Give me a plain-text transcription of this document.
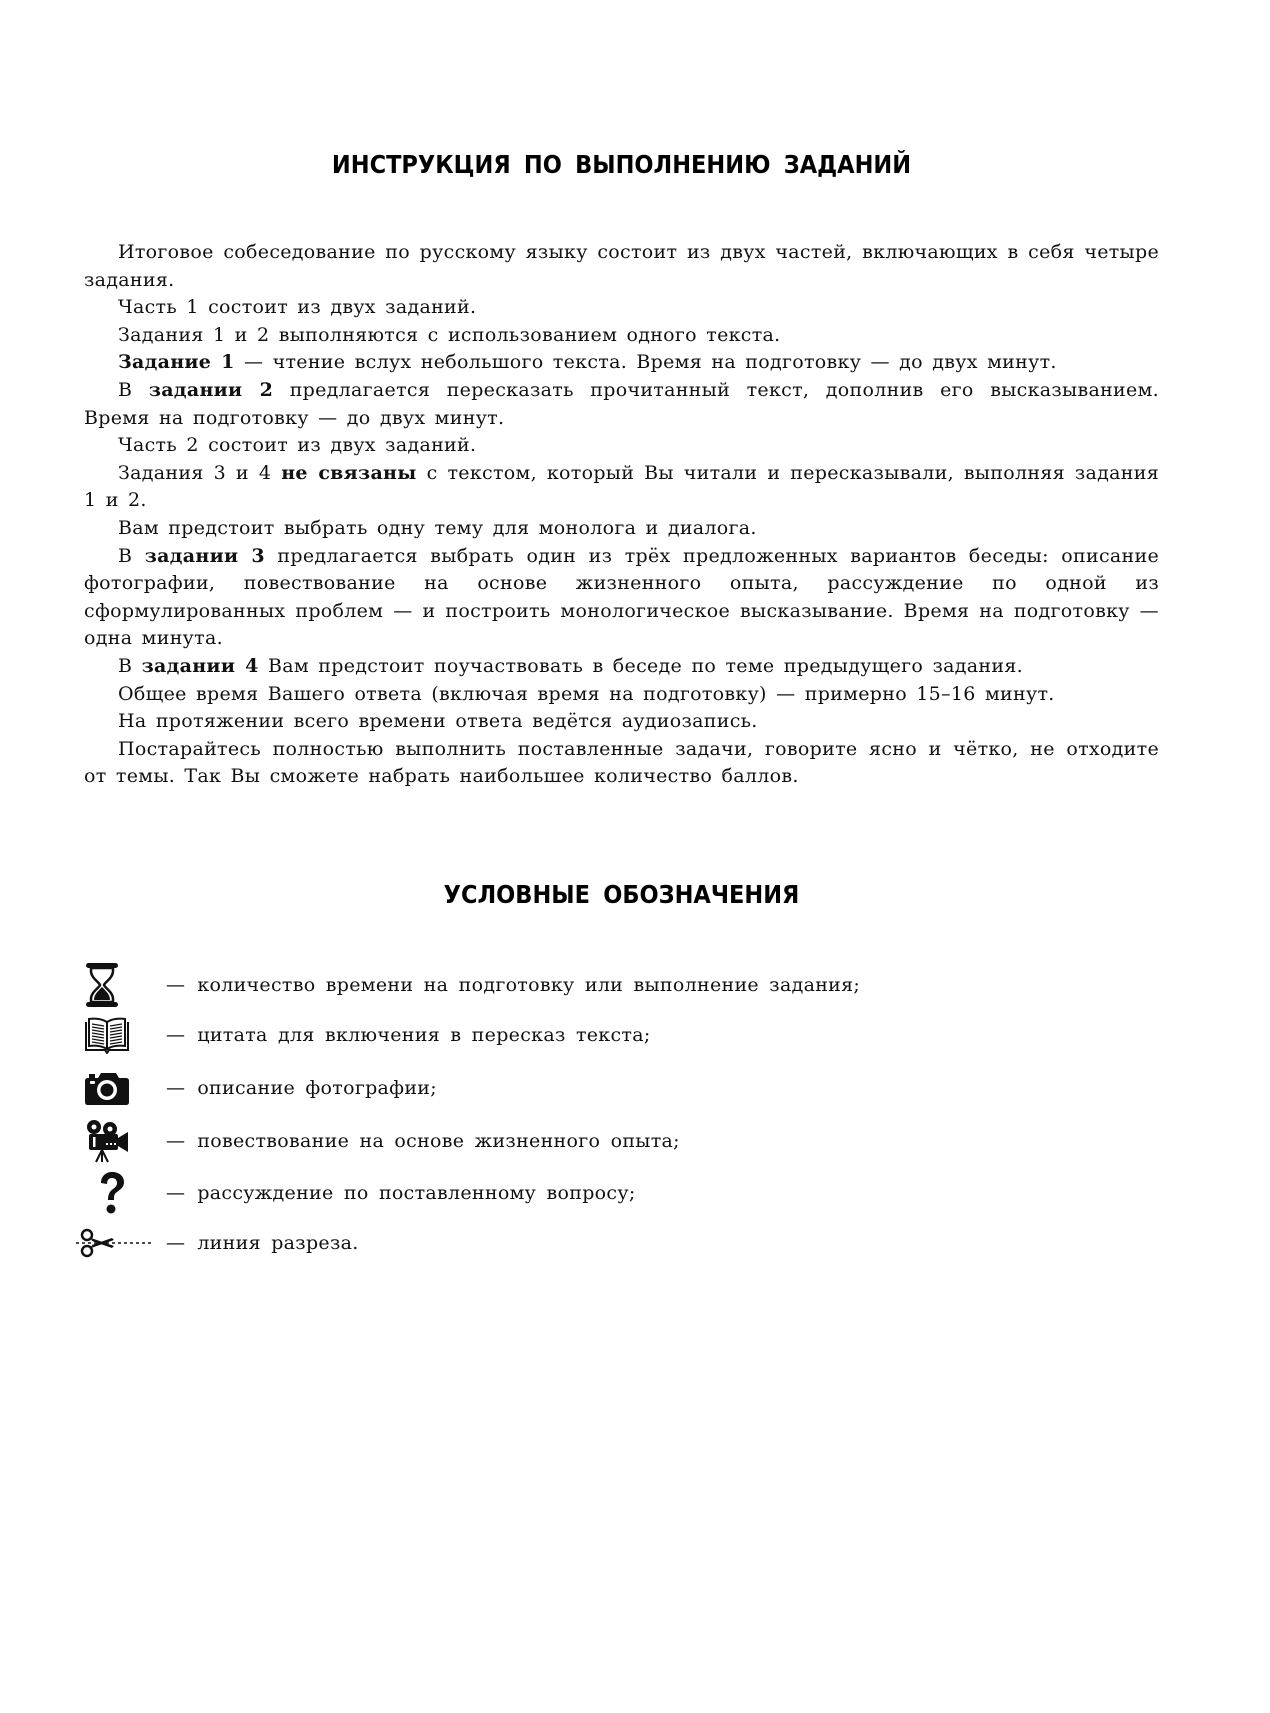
ИНСТРУКЦИЯ ПО ВЫПОЛНЕНИЮ ЗАДАНИЙ

Итоговое собеседование по русскому языку состоит из двух частей, включающих в себя четыре задания.

Часть 1 состоит из двух заданий.

Задания 1 и 2 выполняются с использованием одного текста.

Задание 1 — чтение вслух небольшого текста. Время на подготовку — до двух минут.

В задании 2 предлагается пересказать прочитанный текст, дополнив его высказыванием. Время на подготовку — до двух минут.

Часть 2 состоит из двух заданий.

Задания 3 и 4 не связаны с текстом, который Вы читали и пересказывали, выполняя задания 1 и 2.

Вам предстоит выбрать одну тему для монолога и диалога.

В задании 3 предлагается выбрать один из трёх предложенных вариантов беседы: описание фотографии, повествование на основе жизненного опыта, рассуждение по одной из сформулированных проблем — и построить монологическое высказывание. Время на подготовку — одна минута.

В задании 4 Вам предстоит поучаствовать в беседе по теме предыдущего задания.

Общее время Вашего ответа (включая время на подготовку) — примерно 15–16 минут.

На протяжении всего времени ответа ведётся аудиозапись.

Постарайтесь полностью выполнить поставленные задачи, говорите ясно и чётко, не отходите от темы. Так Вы сможете набрать наибольшее количество баллов.

УСЛОВНЫЕ ОБОЗНАЧЕНИЯ
— количество времени на подготовку или выполнение задания;
— цитата для включения в пересказ текста;
— описание фотографии;
— повествование на основе жизненного опыта;
— рассуждение по поставленному вопросу;
— линия разреза.
